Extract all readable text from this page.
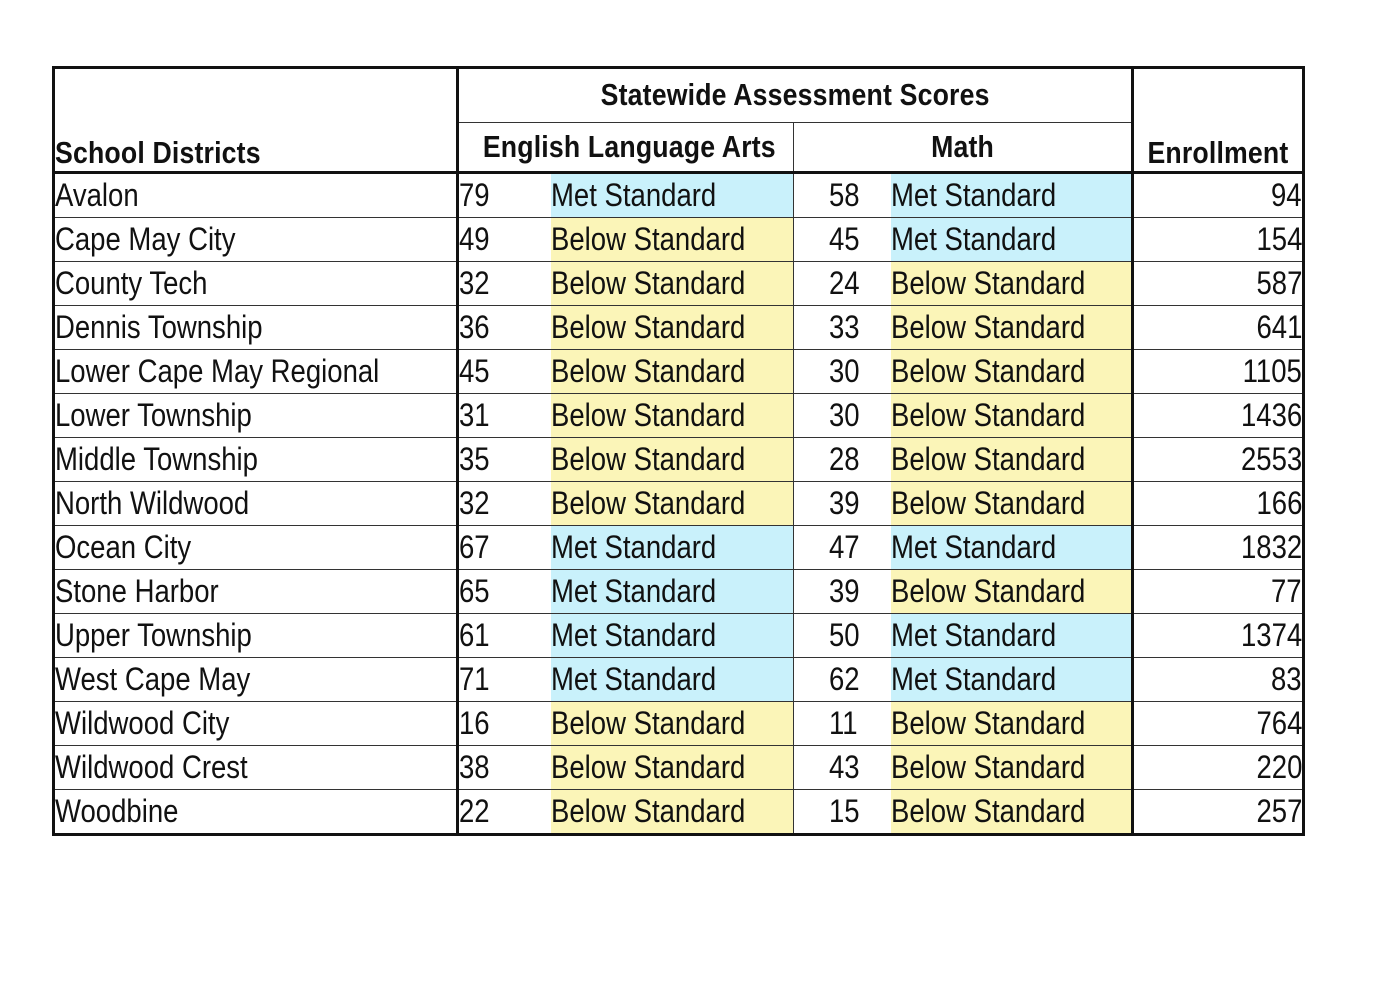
School Districts	Statewide Assessment Scores				Enrollment
	English Language Arts		Math		
Avalon	79	Met Standard	58	Met Standard	94
Cape May City	49	Below Standard	45	Met Standard	154
County Tech	32	Below Standard	24	Below Standard	587
Dennis Township	36	Below Standard	33	Below Standard	641
Lower Cape May Regional	45	Below Standard	30	Below Standard	1105
Lower Township	31	Below Standard	30	Below Standard	1436
Middle Township	35	Below Standard	28	Below Standard	2553
North Wildwood	32	Below Standard	39	Below Standard	166
Ocean City	67	Met Standard	47	Met Standard	1832
Stone Harbor	65	Met Standard	39	Below Standard	77
Upper Township	61	Met Standard	50	Met Standard	1374
West Cape May	71	Met Standard	62	Met Standard	83
Wildwood City	16	Below Standard	11	Below Standard	764
Wildwood Crest	38	Below Standard	43	Below Standard	220
Woodbine	22	Below Standard	15	Below Standard	257
